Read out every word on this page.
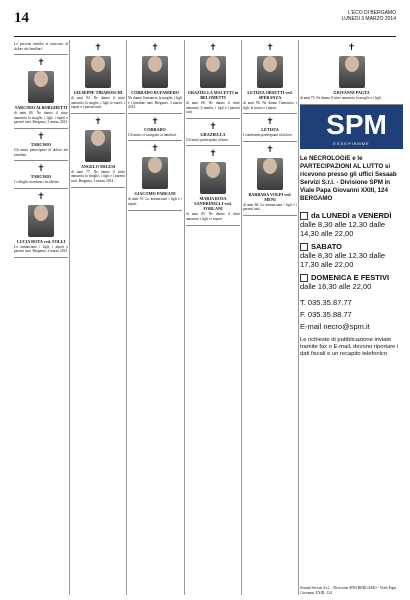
14	L'ECO DI BERGAMO
LUNEDÌ 3 MARZO 2014
Le persone amiche si uniscono al dolore dei familiari.
✝
TARCISIO ALBORGHETTI
di anni 80. Ne danno il triste annuncio la moglie, i figli, i nipoti e parenti tutti. Bergamo, 3 marzo 2014
✝
TARCISIO
Gli amici partecipano al dolore dei familiari.
✝
TARCISIO
I colleghi ricordano con affetto.
✝
LUCIA ROTA ved. FOLLI
Lo annunciano i figli, i nipoti e parenti tutti. Bergamo, 3 marzo 2014
✝
GIUSEPPE TIRABOSCHI
di anni 84. Ne danno il triste annuncio la moglie, i figli, le nuore, i nipoti e i parenti tutti.
✝
ANGELO MILESI
di anni 77. Ne danno il triste annuncio la moglie, i figli e i parenti tutti. Bergamo, 3 marzo 2014
✝
CORRADO RUFARIEDO
Ne danno l'annuncio la moglie, i figli e i familiari tutti. Bergamo, 3 marzo 2014
✝
CORRADO
Gli amici si stringono ai familiari.
✝
GIACOMO PAREANI
di anni 91. Lo annunciano i figli e i nipoti.
✝
GRAZIELLA MACETTI in BELOMETTI
di anni 68. Ne danno il triste annuncio il marito, i figli e i parenti tutti.
✝
GRAZIELLA
Gli amici partecipano al lutto.
✝
MARIA ROSA SANDRINELLI ved. FORLANI
di anni 85. Ne danno il triste annuncio i figli e i nipoti.
✝
LETIZIA ORSETTI ved. SPERANZA
di anni 90. Ne danno l'annuncio i figli, le nuore e i nipoti.
✝
LETIZIA
I condomini partecipano al dolore.
✝
BARBARA VOLPI ved. MENI
di anni 86. Lo annunciano i figli e i parenti tutti.
✝
GIOVANNI PAGTA
di anni 75. Ne danno il triste annuncio la moglie e i figli.
SPM
ESSEPIEMME
Le NECROLOGIE e le PARTECIPAZIONI AL LUTTO si ricevono presso gli uffici Sesaab Servizi S.r.l. - Divisione SPM in Viale Papa Giovanni XXIII, 124 BERGAMO
da LUNEDÌ a VENERDÌ
dalle 8,30 alle 12,30 dalle 14,30 alle 22,00
SABATO
dalle 8,30 alle 12,30 dalle 17,30 alle 22,00
DOMENICA E FESTIVI
dalle 16,30 alle 22,00
T. 035.35.87.77
F. 035.35.88.77
E-mail necro@spm.it
Le richieste di pubblicazione inviate tramite fax o E-mail, devono riportare i dati fiscali e un recapito telefonico
Sesaab Servizi S.r.l. - Divisione SPM BERGAMO - Viale Papa Giovanni XXIII, 124
